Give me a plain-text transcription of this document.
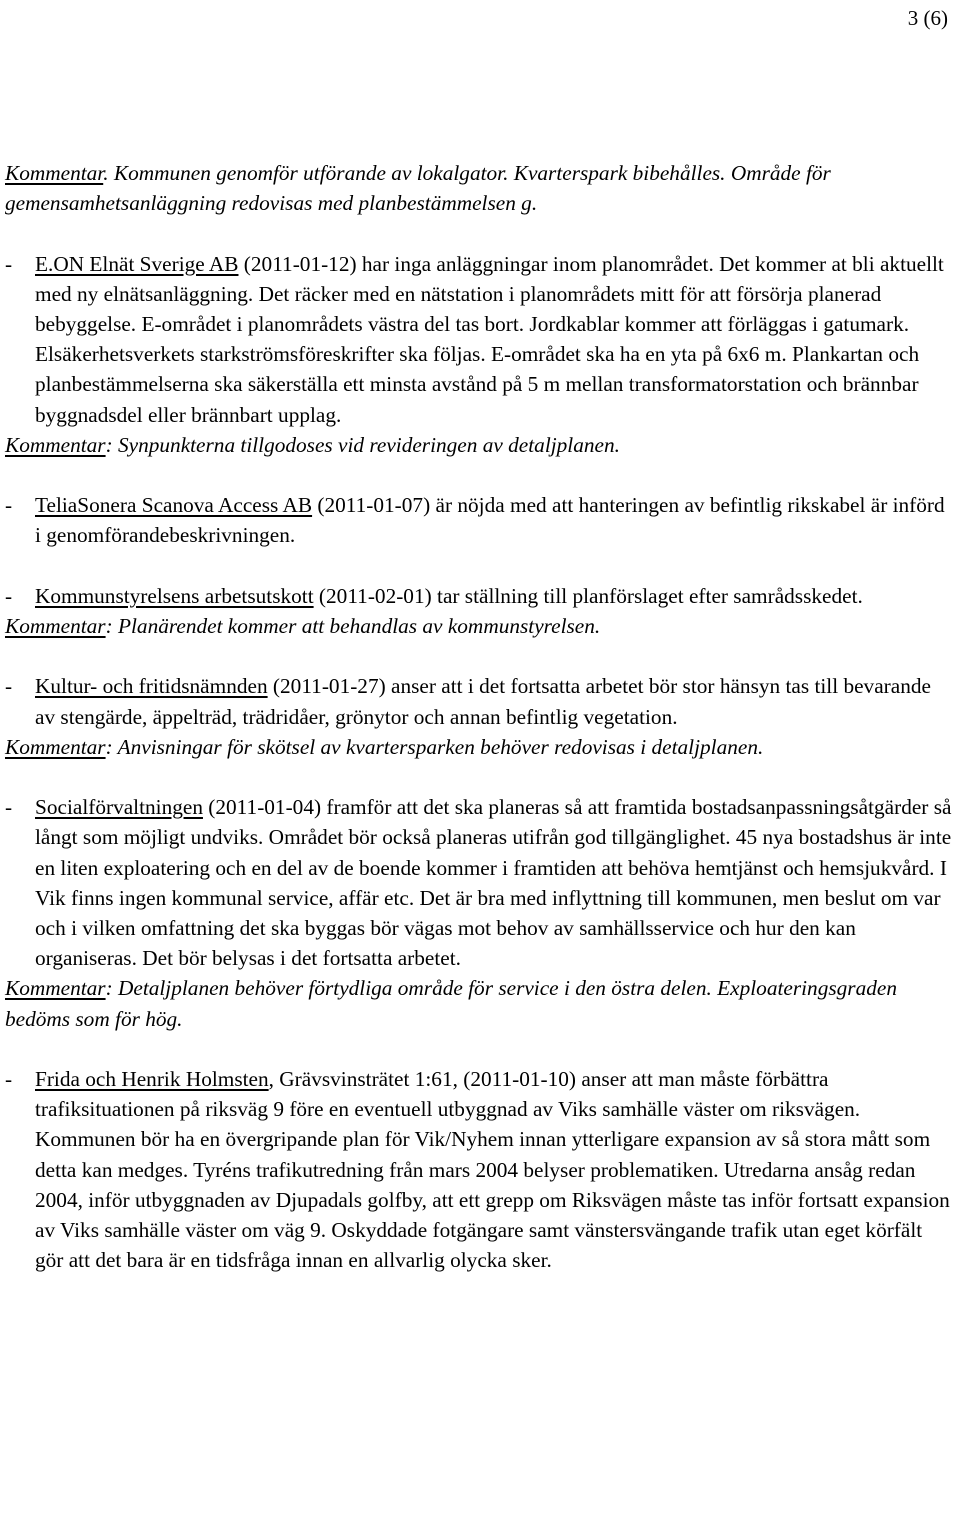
3 (6)

Kommentar. Kommunen genomför utförande av lokalgator. Kvarterspark bibehålles. Område för gemensamhetsanläggning redovisas med planbestämmelsen g.

- E.ON Elnät Sverige AB (2011-01-12) har inga anläggningar inom planområdet. Det kommer at bli aktuellt med ny elnätsanläggning. Det räcker med en nätstation i planområdets mitt för att försörja planerad bebyggelse. E-området i planområdets västra del tas bort. Jordkablar kommer att förläggas i gatumark. Elsäkerhetsverkets starkströmsföreskrifter ska följas. E-området ska ha en yta på 6x6 m. Plankartan och planbestämmelserna ska säkerställa ett minsta avstånd på 5 m mellan transformatorstation och brännbar byggnadsdel eller brännbart upplag.

Kommentar: Synpunkterna tillgodoses vid revideringen av detaljplanen.

- TeliaSonera Scanova Access AB (2011-01-07) är nöjda med att hanteringen av befintlig rikskabel är införd i genomförandebeskrivningen.

- Kommunstyrelsens arbetsutskott (2011-02-01) tar ställning till planförslaget efter samrådsskedet.

Kommentar: Planärendet kommer att behandlas av kommunstyrelsen.

- Kultur- och fritidsnämnden (2011-01-27) anser att i det fortsatta arbetet bör stor hänsyn tas till bevarande av stengärde, äppelträd, trädridåer, grönytor och annan befintlig vegetation.

Kommentar: Anvisningar för skötsel av kvartersparken behöver redovisas i detaljplanen.

- Socialförvaltningen (2011-01-04) framför att det ska planeras så att framtida bostadsanpassningsåtgärder så långt som möjligt undviks. Området bör också planeras utifrån god tillgänglighet. 45 nya bostadshus är inte en liten exploatering och en del av de boende kommer i framtiden att behöva hemtjänst och hemsjukvård. I Vik finns ingen kommunal service, affär etc. Det är bra med inflyttning till kommunen, men beslut om var och i vilken omfattning det ska byggas bör vägas mot behov av samhällsservice och hur den kan organiseras. Det bör belysas i det fortsatta arbetet.

Kommentar: Detaljplanen behöver förtydliga område för service i den östra delen. Exploateringsgraden bedöms som för hög.

- Frida och Henrik Holmsten, Grävsvinsträtet 1:61, (2011-01-10) anser att man måste förbättra trafiksituationen på riksväg 9 före en eventuell utbyggnad av Viks samhälle väster om riksvägen. Kommunen bör ha en övergripande plan för Vik/Nyhem innan ytterligare expansion av så stora mått som detta kan medges. Tyréns trafikutredning från mars 2004 belyser problematiken. Utredarna ansåg redan 2004, inför utbyggnaden av Djupadals golfby, att ett grepp om Riksvägen måste tas inför fortsatt expansion av Viks samhälle väster om väg 9. Oskyddade fotgängare samt vänstersvängande trafik utan eget körfält gör att det bara är en tidsfråga innan en allvarlig olycka sker.
